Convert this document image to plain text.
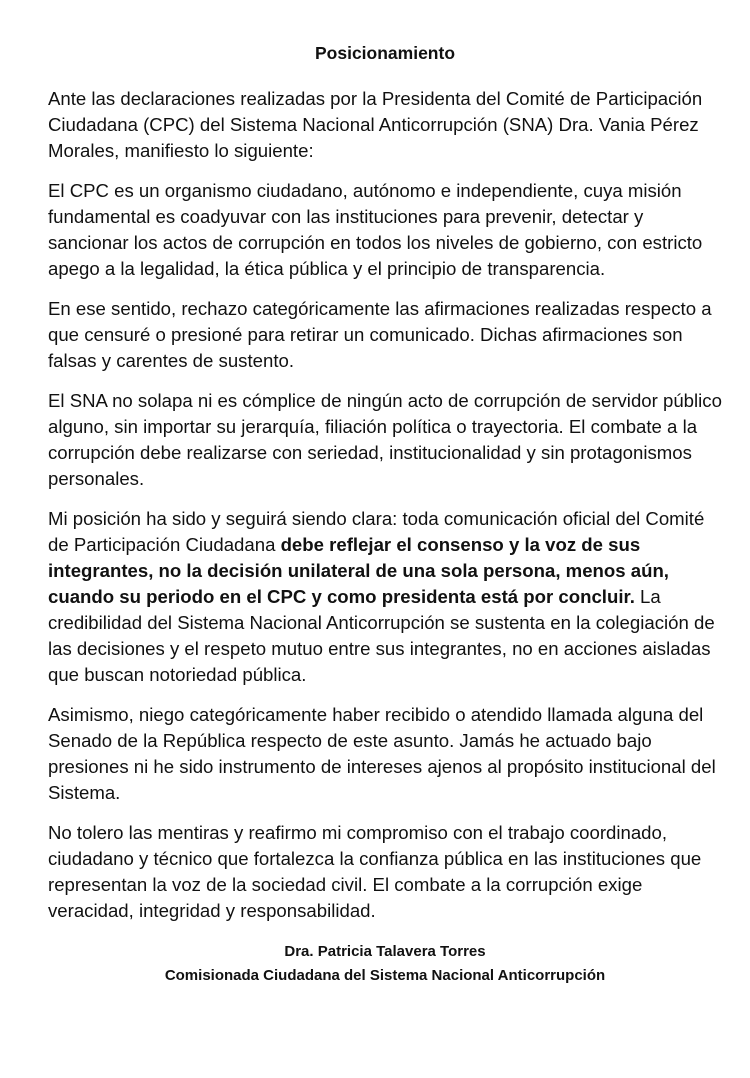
Posicionamiento

Ante las declaraciones realizadas por la Presidenta del Comité de Participación Ciudadana (CPC) del Sistema Nacional Anticorrupción (SNA) Dra. Vania Pérez Morales, manifiesto lo siguiente:

El CPC es un organismo ciudadano, autónomo e independiente, cuya misión fundamental es coadyuvar con las instituciones para prevenir, detectar y sancionar los actos de corrupción en todos los niveles de gobierno, con estricto apego a la legalidad, la ética pública y el principio de transparencia.

En ese sentido, rechazo categóricamente las afirmaciones realizadas respecto a que censuré o presioné para retirar un comunicado. Dichas afirmaciones son falsas y carentes de sustento.

El SNA no solapa ni es cómplice de ningún acto de corrupción de servidor público alguno, sin importar su jerarquía, filiación política o trayectoria. El combate a la corrupción debe realizarse con seriedad, institucionalidad y sin protagonismos personales.

Mi posición ha sido y seguirá siendo clara: toda comunicación oficial del Comité de Participación Ciudadana debe reflejar el consenso y la voz de sus integrantes, no la decisión unilateral de una sola persona, menos aún, cuando su periodo en el CPC y como presidenta está por concluir. La credibilidad del Sistema Nacional Anticorrupción se sustenta en la colegiación de las decisiones y el respeto mutuo entre sus integrantes, no en acciones aisladas que buscan notoriedad pública.

Asimismo, niego categóricamente haber recibido o atendido llamada alguna del Senado de la República respecto de este asunto. Jamás he actuado bajo presiones ni he sido instrumento de intereses ajenos al propósito institucional del Sistema.

No tolero las mentiras y reafirmo mi compromiso con el trabajo coordinado, ciudadano y técnico que fortalezca la confianza pública en las instituciones que representan la voz de la sociedad civil. El combate a la corrupción exige veracidad, integridad y responsabilidad.

Dra. Patricia Talavera Torres
Comisionada Ciudadana del Sistema Nacional Anticorrupción
